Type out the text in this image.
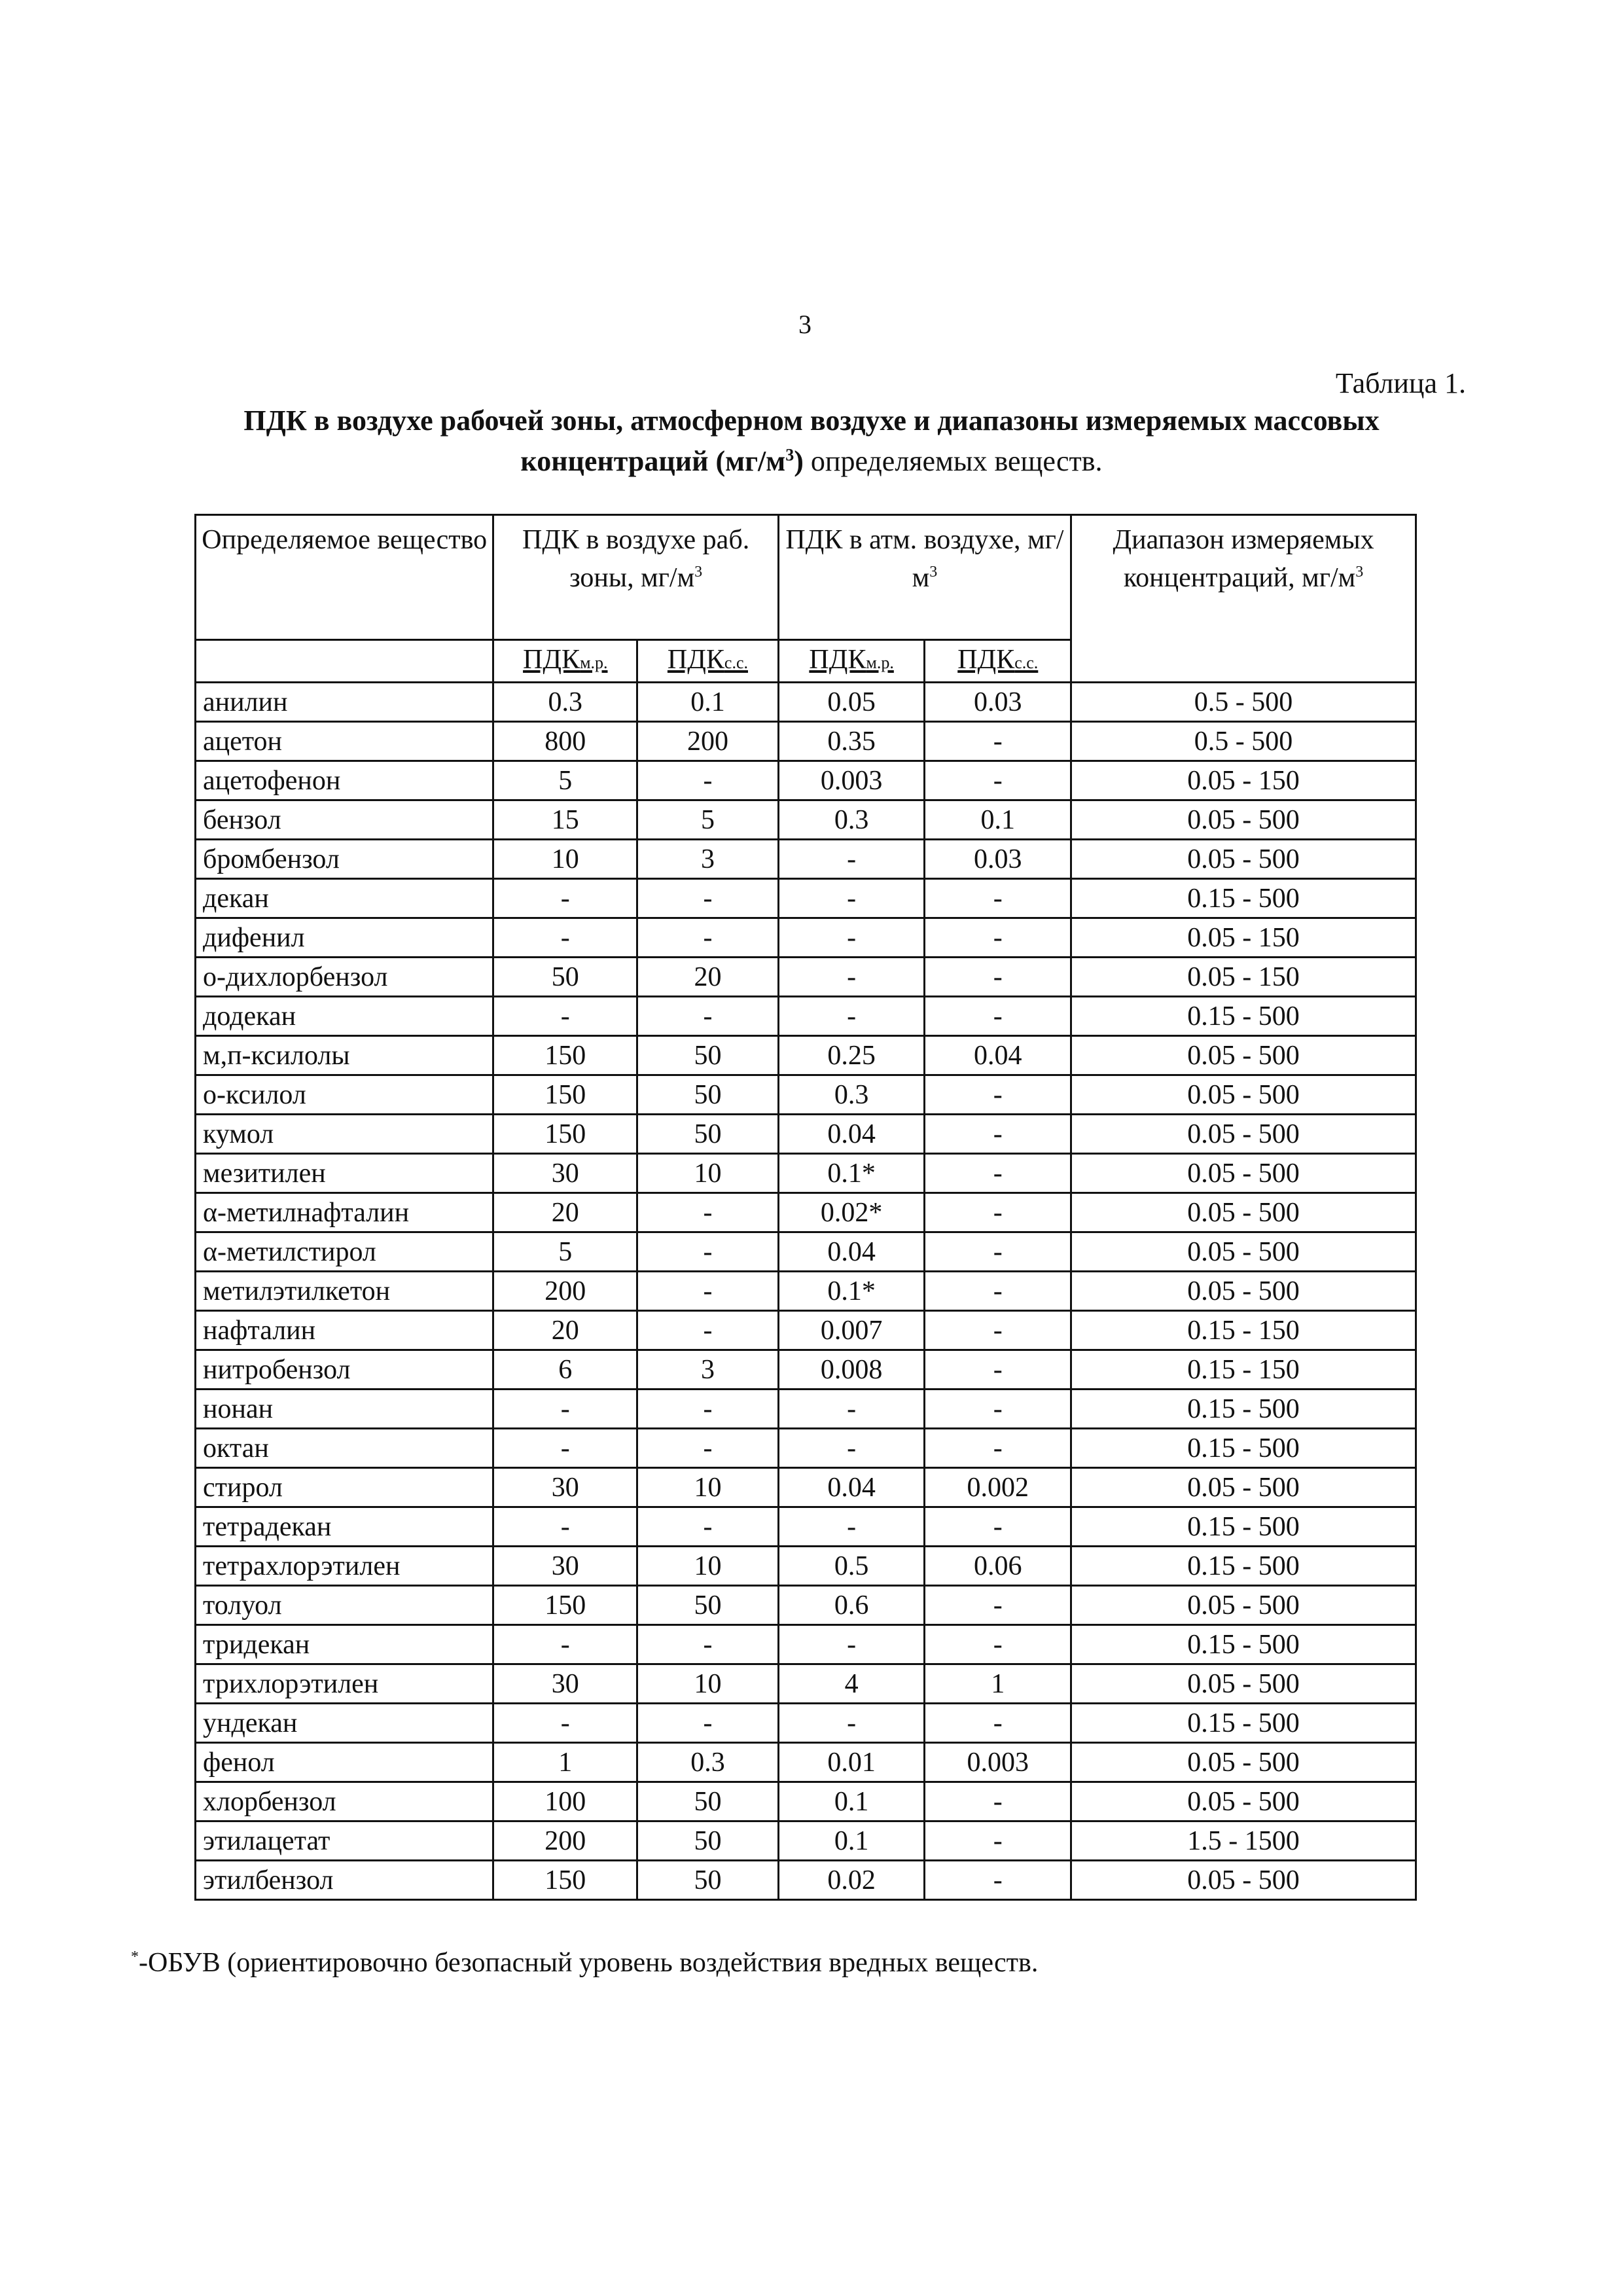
3
Таблица 1.
ПДК в воздухе рабочей зоны, атмосферном воздухе и диапазоны измеряемых массовых
концентраций $(мг/м^3)$ определяемых веществ.
Определяемое вещество	ПДК в воздухе раб. зоны, $мг/м^3$		ПДК в атм. воздухе, $мг/м^3$		Диапазон измеряемых концентраций, $мг/м^3$
	ПДКм.р.	ПДКс.с.	ПДКм.р.	ПДКс.с.	
анилин	0.3	0.1	0.05	0.03	0.5 - 500
ацетон	800	200	0.35	-	0.5 - 500
ацетофенон	5	-	0.003	-	0.05 - 150
бензол	15	5	0.3	0.1	0.05 - 500
бромбензол	10	3	-	0.03	0.05 - 500
декан	-	-	-	-	0.15 - 500
дифенил	-	-	-	-	0.05 - 150
о-дихлорбензол	50	20	-	-	0.05 - 150
додекан	-	-	-	-	0.15 - 500
м,п-ксилолы	150	50	0.25	0.04	0.05 - 500
о-ксилол	150	50	0.3	-	0.05 - 500
кумол	150	50	0.04	-	0.05 - 500
мезитилен	30	10	0.1*	-	0.05 - 500
α-метилнафталин	20	-	0.02*	-	0.05 - 500
α-метилстирол	5	-	0.04	-	0.05 - 500
метилэтилкетон	200	-	0.1*	-	0.05 - 500
нафталин	20	-	0.007	-	0.15 - 150
нитробензол	6	3	0.008	-	0.15 - 150
нонан	-	-	-	-	0.15 - 500
октан	-	-	-	-	0.15 - 500
стирол	30	10	0.04	0.002	0.05 - 500
тетрадекан	-	-	-	-	0.15 - 500
тетрахлорэтилен	30	10	0.5	0.06	0.15 - 500
толуол	150	50	0.6	-	0.05 - 500
тридекан	-	-	-	-	0.15 - 500
трихлорэтилен	30	10	4	1	0.05 - 500
ундекан	-	-	-	-	0.15 - 500
фенол	1	0.3	0.01	0.003	0.05 - 500
хлорбензол	100	50	0.1	-	0.05 - 500
этилацетат	200	50	0.1	-	1.5 - 1500
этилбензол	150	50	0.02	-	0.05 - 500
*-ОБУВ (ориентировочно безопасный уровень воздействия вредных веществ.
